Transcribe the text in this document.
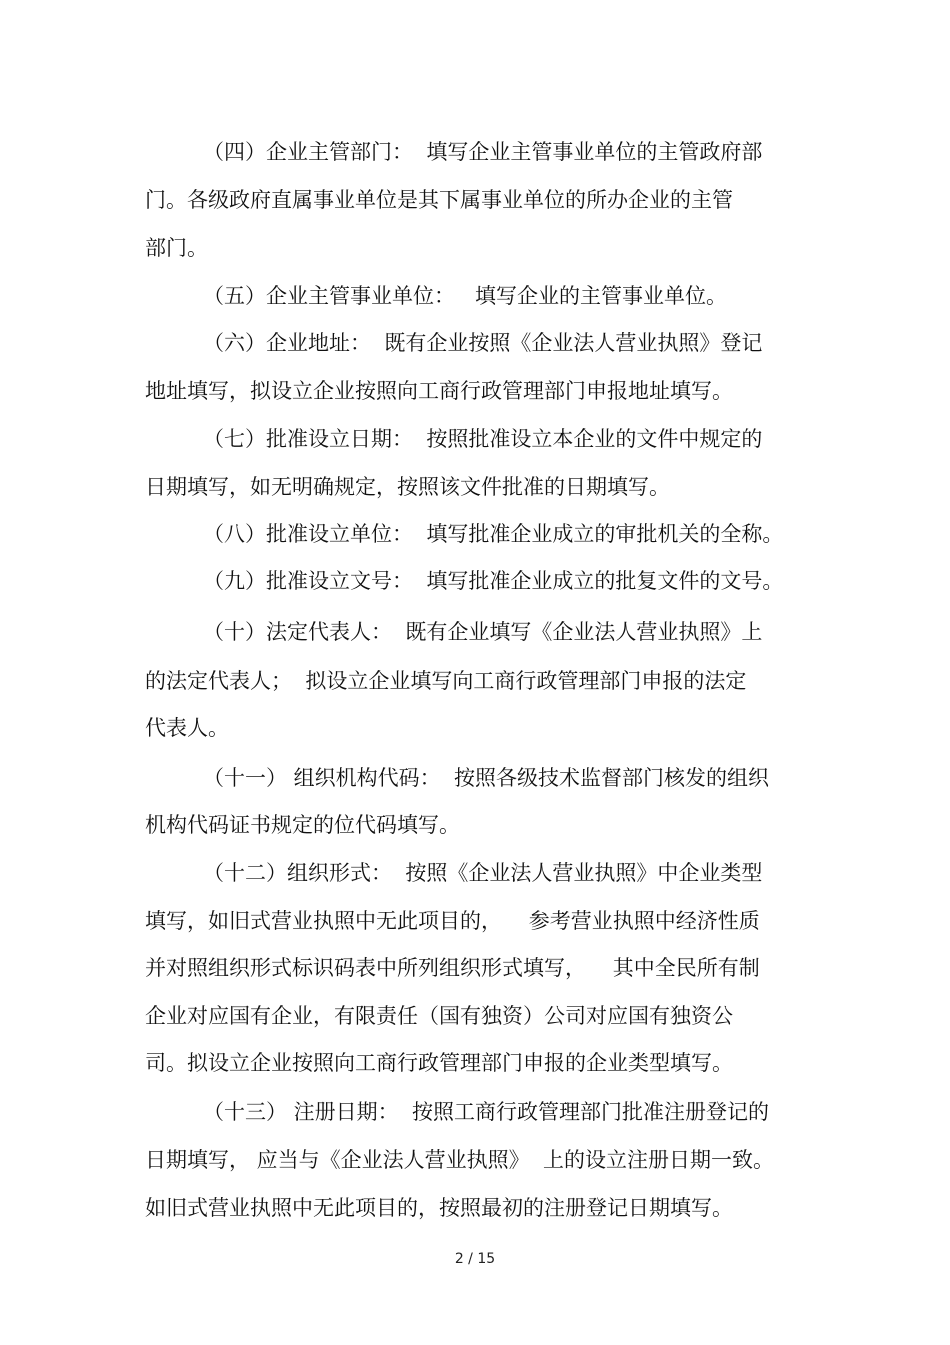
（四）企业主管部门：  填写企业主管事业单位的主管政府部
门。各级政府直属事业单位是其下属事业单位的所办企业的主管
部门。
（五）企业主管事业单位：   填写企业的主管事业单位。
（六）企业地址：  既有企业按照《企业法人营业执照》登记
地址填写，拟设立企业按照向工商行政管理部门申报地址填写。
（七）批准设立日期：  按照批准设立本企业的文件中规定的
日期填写，如无明确规定，按照该文件批准的日期填写。
（八）批准设立单位：  填写批准企业成立的审批机关的全称。
（九）批准设立文号：  填写批准企业成立的批复文件的文号。
（十）法定代表人：  既有企业填写《企业法人营业执照》上
的法定代表人；  拟设立企业填写向工商行政管理部门申报的法定
代表人。
（十一） 组织机构代码：  按照各级技术监督部门核发的组织
机构代码证书规定的位代码填写。
（十二）组织形式：  按照《企业法人营业执照》中企业类型
填写，如旧式营业执照中无此项目的，    参考营业执照中经济性质
并对照组织形式标识码表中所列组织形式填写，    其中全民所有制
企业对应国有企业，有限责任（国有独资）公司对应国有独资公
司。拟设立企业按照向工商行政管理部门申报的企业类型填写。
（十三） 注册日期：  按照工商行政管理部门批准注册登记的
日期填写， 应当与《企业法人营业执照》  上的设立注册日期一致。
如旧式营业执照中无此项目的，按照最初的注册登记日期填写。
2 / 15
